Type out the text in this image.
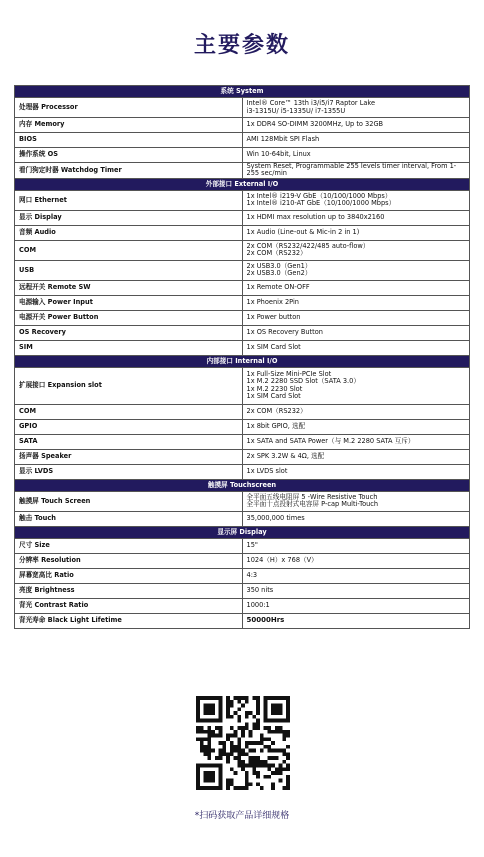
主要参数
系统 System	
处理器 Processor	Intel® Core™ 13th i3/i5/i7 Raptor Lake
i3-1315U/ i5-1335U/ i7-1355U

内存 Memory	1x DDR4 SO-DIMM 3200MHz, Up to 32GB

BIOS	AMI 128Mbit SPI Flash

操作系统 OS	Win 10-64bit, Linux

看门狗定时器 Watchdog Timer	System Reset, Programmable 255 levels timer interval, From 1-255 sec/min

外部接口 External I/O	
网口 Ethernet	1x Intel® i219-V GbE（10/100/1000 Mbps）
1x Intel® i210-AT GbE（10/100/1000 Mbps）

显示 Display	1x HDMI max resolution up to 3840x2160

音频 Audio	1x Audio (Line-out & Mic-in 2 in 1)

COM	2x COM（RS232/422/485 auto-flow）
2x COM（RS232）

USB	2x USB3.0（Gen1）
2x USB3.0（Gen2）

远程开关 Remote SW	1x Remote ON-OFF

电源输入 Power Input	1x Phoenix 2Pin

电源开关 Power Button	1x Power button

OS Recovery	1x OS Recovery Button

SIM	1x SIM Card Slot

内部接口 Internal I/O	
扩展接口 Expansion slot	1x Full-Size Mini-PCIe Slot
1x M.2 2280 SSD Slot（SATA 3.0）
1x M.2 2230 Slot
1x SIM Card Slot

COM	2x COM（RS232）

GPIO	1x 8bit GPIO, 选配

SATA	1x SATA and SATA Power（与 M.2 2280 SATA 互斥）

扬声器 Speaker	2x SPK 3.2W & 4Ω, 选配

显示 LVDS	1x LVDS slot

触摸屏 Touchscreen	
触摸屏 Touch Screen	全平面五线电阻屏 5 -Wire Resistive Touch
全平面十点投射式电容屏 P-cap Multi-Touch

触击 Touch	35,000,000 times

显示屏 Display	
尺寸 Size	15"

分辨率 Resolution	1024（H）x 768（V）

屏幕宽高比 Ratio	4:3

亮度 Brightness	350 nits

背光 Contrast Ratio	1000:1

背光寿命 Black Light Lifetime	50000Hrs
*扫码获取产品详细规格
